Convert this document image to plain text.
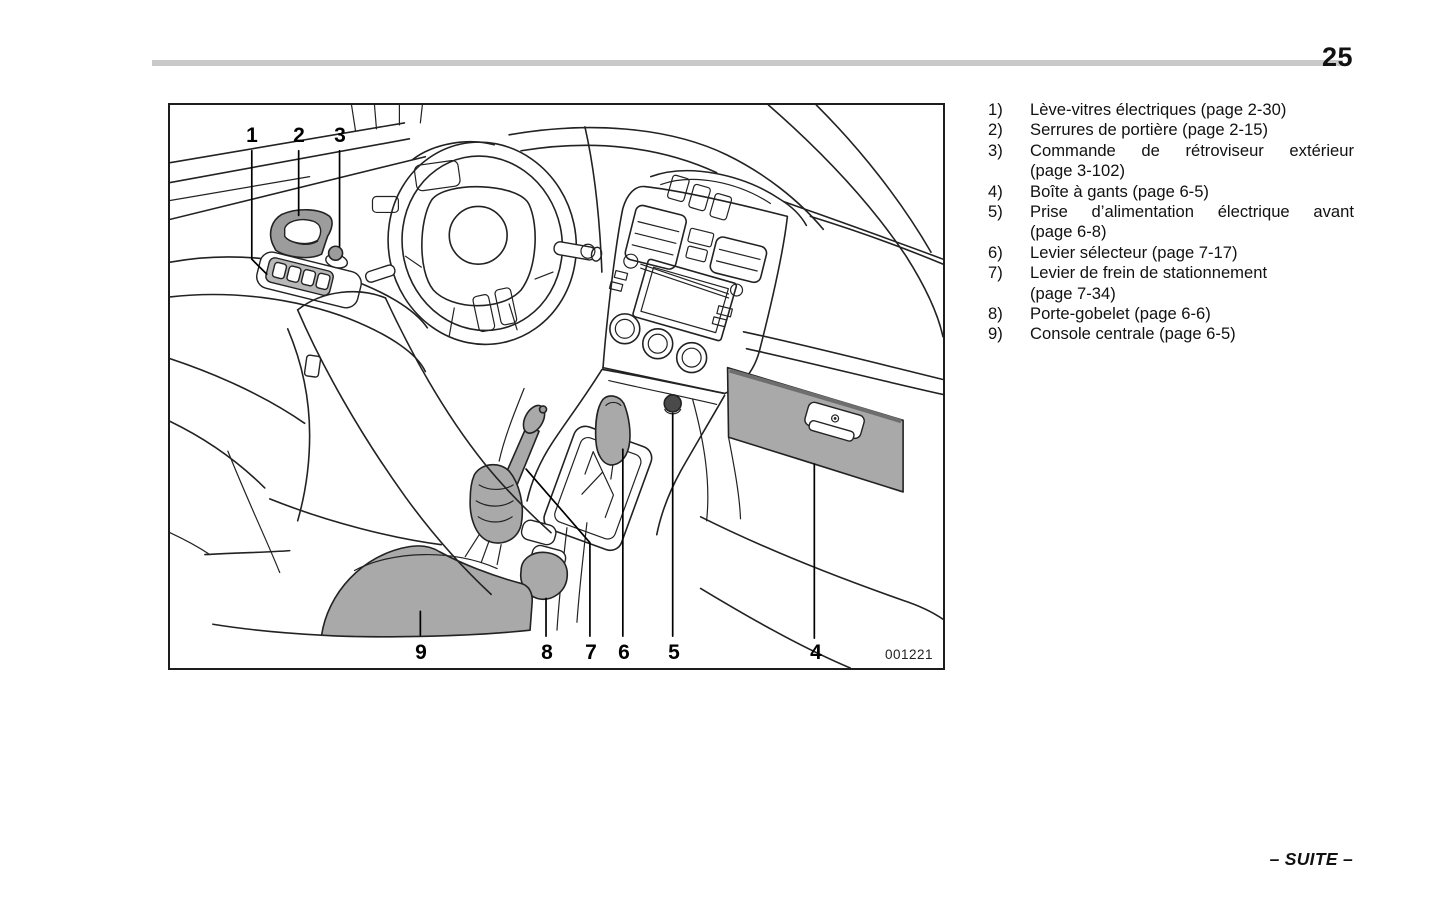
25
1 2 3
9	8 7 6 5	4	001221
1)	Lève-vitres électriques (page 2-30)
2)	Serrures de portière (page 2-15)
3)	Commande de rétroviseur extérieur
(page 3-102)
4)	Boîte à gants (page 6-5)
5)	Prise d’alimentation électrique avant
(page 6-8)
6)	Levier sélecteur (page 7-17)
7)	Levier de frein de stationnement
(page 7-34)
8)	Porte-gobelet (page 6-6)
9)	Console centrale (page 6-5)
– SUITE –
